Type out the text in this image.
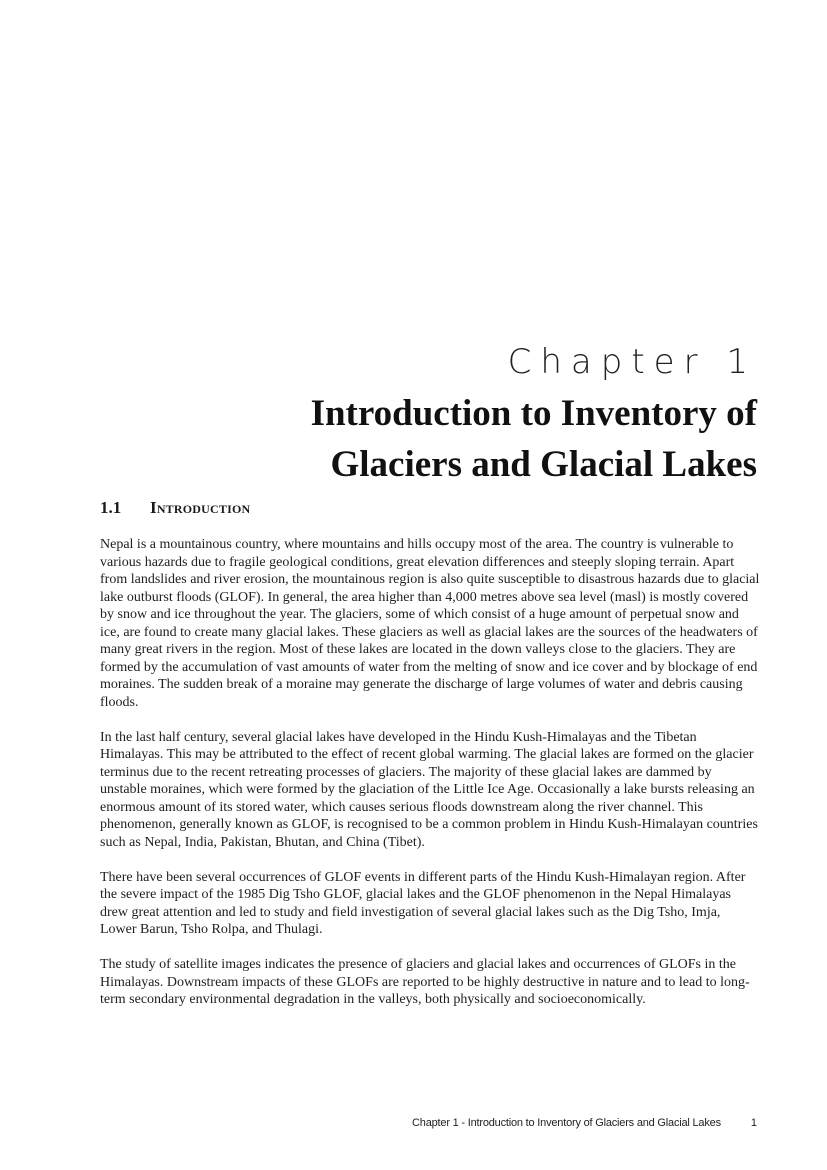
Chapter 1
Introduction to Inventory of
Glaciers and Glacial Lakes
1.1 Introduction

Nepal is a mountainous country, where mountains and hills occupy most of the area. The country is vulnerable to various hazards due to fragile geological conditions, great elevation differences and steeply sloping terrain. Apart from landslides and river erosion, the mountainous region is also quite susceptible to disastrous hazards due to glacial lake outburst floods (GLOF). In general, the area higher than 4,000 metres above sea level (masl) is mostly covered by snow and ice throughout the year. The glaciers, some of which consist of a huge amount of perpetual snow and ice, are found to create many glacial lakes. These glaciers as well as glacial lakes are the sources of the headwaters of many great rivers in the region. Most of these lakes are located in the down valleys close to the glaciers. They are formed by the accumulation of vast amounts of water from the melting of snow and ice cover and by blockage of end moraines. The sudden break of a moraine may generate the discharge of large volumes of water and debris causing floods.

In the last half century, several glacial lakes have developed in the Hindu Kush-Himalayas and the Tibetan Himalayas. This may be attributed to the effect of recent global warming. The glacial lakes are formed on the glacier terminus due to the recent retreating processes of glaciers. The majority of these glacial lakes are dammed by unstable moraines, which were formed by the glaciation of the Little Ice Age. Occasionally a lake bursts releasing an enormous amount of its stored water, which causes serious floods downstream along the river channel. This phenomenon, generally known as GLOF, is recognised to be a common problem in Hindu Kush-Himalayan countries such as Nepal, India, Pakistan, Bhutan, and China (Tibet).

There have been several occurrences of GLOF events in different parts of the Hindu Kush-Himalayan region. After the severe impact of the 1985 Dig Tsho GLOF, glacial lakes and the GLOF phenomenon in the Nepal Himalayas drew great attention and led to study and field investigation of several glacial lakes such as the Dig Tsho, Imja, Lower Barun, Tsho Rolpa, and Thulagi.

The study of satellite images indicates the presence of glaciers and glacial lakes and occurrences of GLOFs in the Himalayas. Downstream impacts of these GLOFs are reported to be highly destructive in nature and to lead to long-term secondary environmental degradation in the valleys, both physically and socioeconomically.

Chapter 1 - Introduction to Inventory of Glaciers and Glacial Lakes	1
